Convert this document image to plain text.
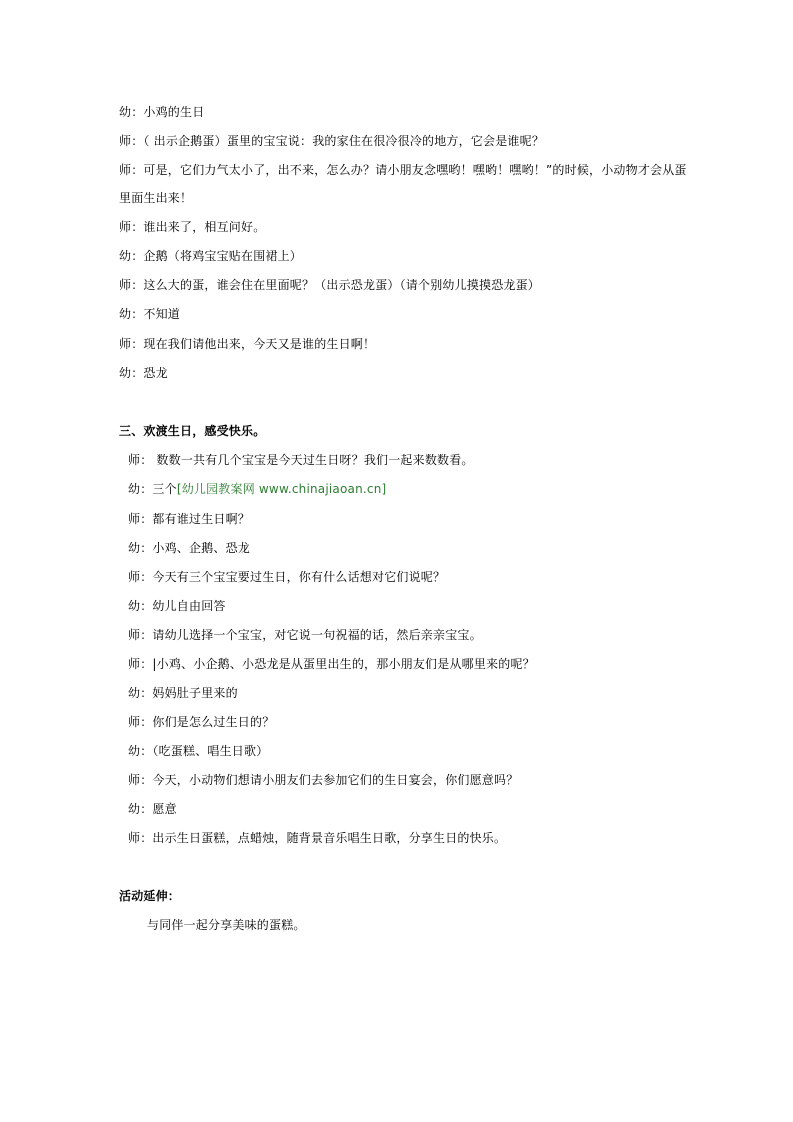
幼：小鸡的生日
师：（ 出示企鹅蛋）蛋里的宝宝说：我的家住在很冷很冷的地方，它会是谁呢？
师：可是，它们力气太小了，出不来，怎么办？请小朋友念嘿哟！嘿哟！嘿哟！”的时候，小动物才会从蛋
里面生出来！
师：谁出来了，相互问好。
幼：企鹅（将鸡宝宝贴在围裙上）
师：这么大的蛋，谁会住在里面呢？（出示恐龙蛋）（请个别幼儿摸摸恐龙蛋）
幼：不知道
师：现在我们请他出来，今天又是谁的生日啊！
幼：恐龙
三、欢渡生日，感受快乐。
师： 数数一共有几个宝宝是今天过生日呀？我们一起来数数看。
幼：三个[幼儿园教案网 www.chinajiaoan.cn]
师：都有谁过生日啊？
幼：小鸡、企鹅、恐龙
师：今天有三个宝宝要过生日，你有什么话想对它们说呢？
幼：幼儿自由回答
师：请幼儿选择一个宝宝，对它说一句祝福的话，然后亲亲宝宝。
师：|小鸡、小企鹅、小恐龙是从蛋里出生的，那小朋友们是从哪里来的呢？
幼：妈妈肚子里来的
师：你们是怎么过生日的？
幼：（吃蛋糕、唱生日歌）
师：今天，小动物们想请小朋友们去参加它们的生日宴会，你们愿意吗？
幼：愿意
师：出示生日蛋糕，点蜡烛，随背景音乐唱生日歌，分享生日的快乐。
活动延伸：
与同伴一起分享美味的蛋糕。
